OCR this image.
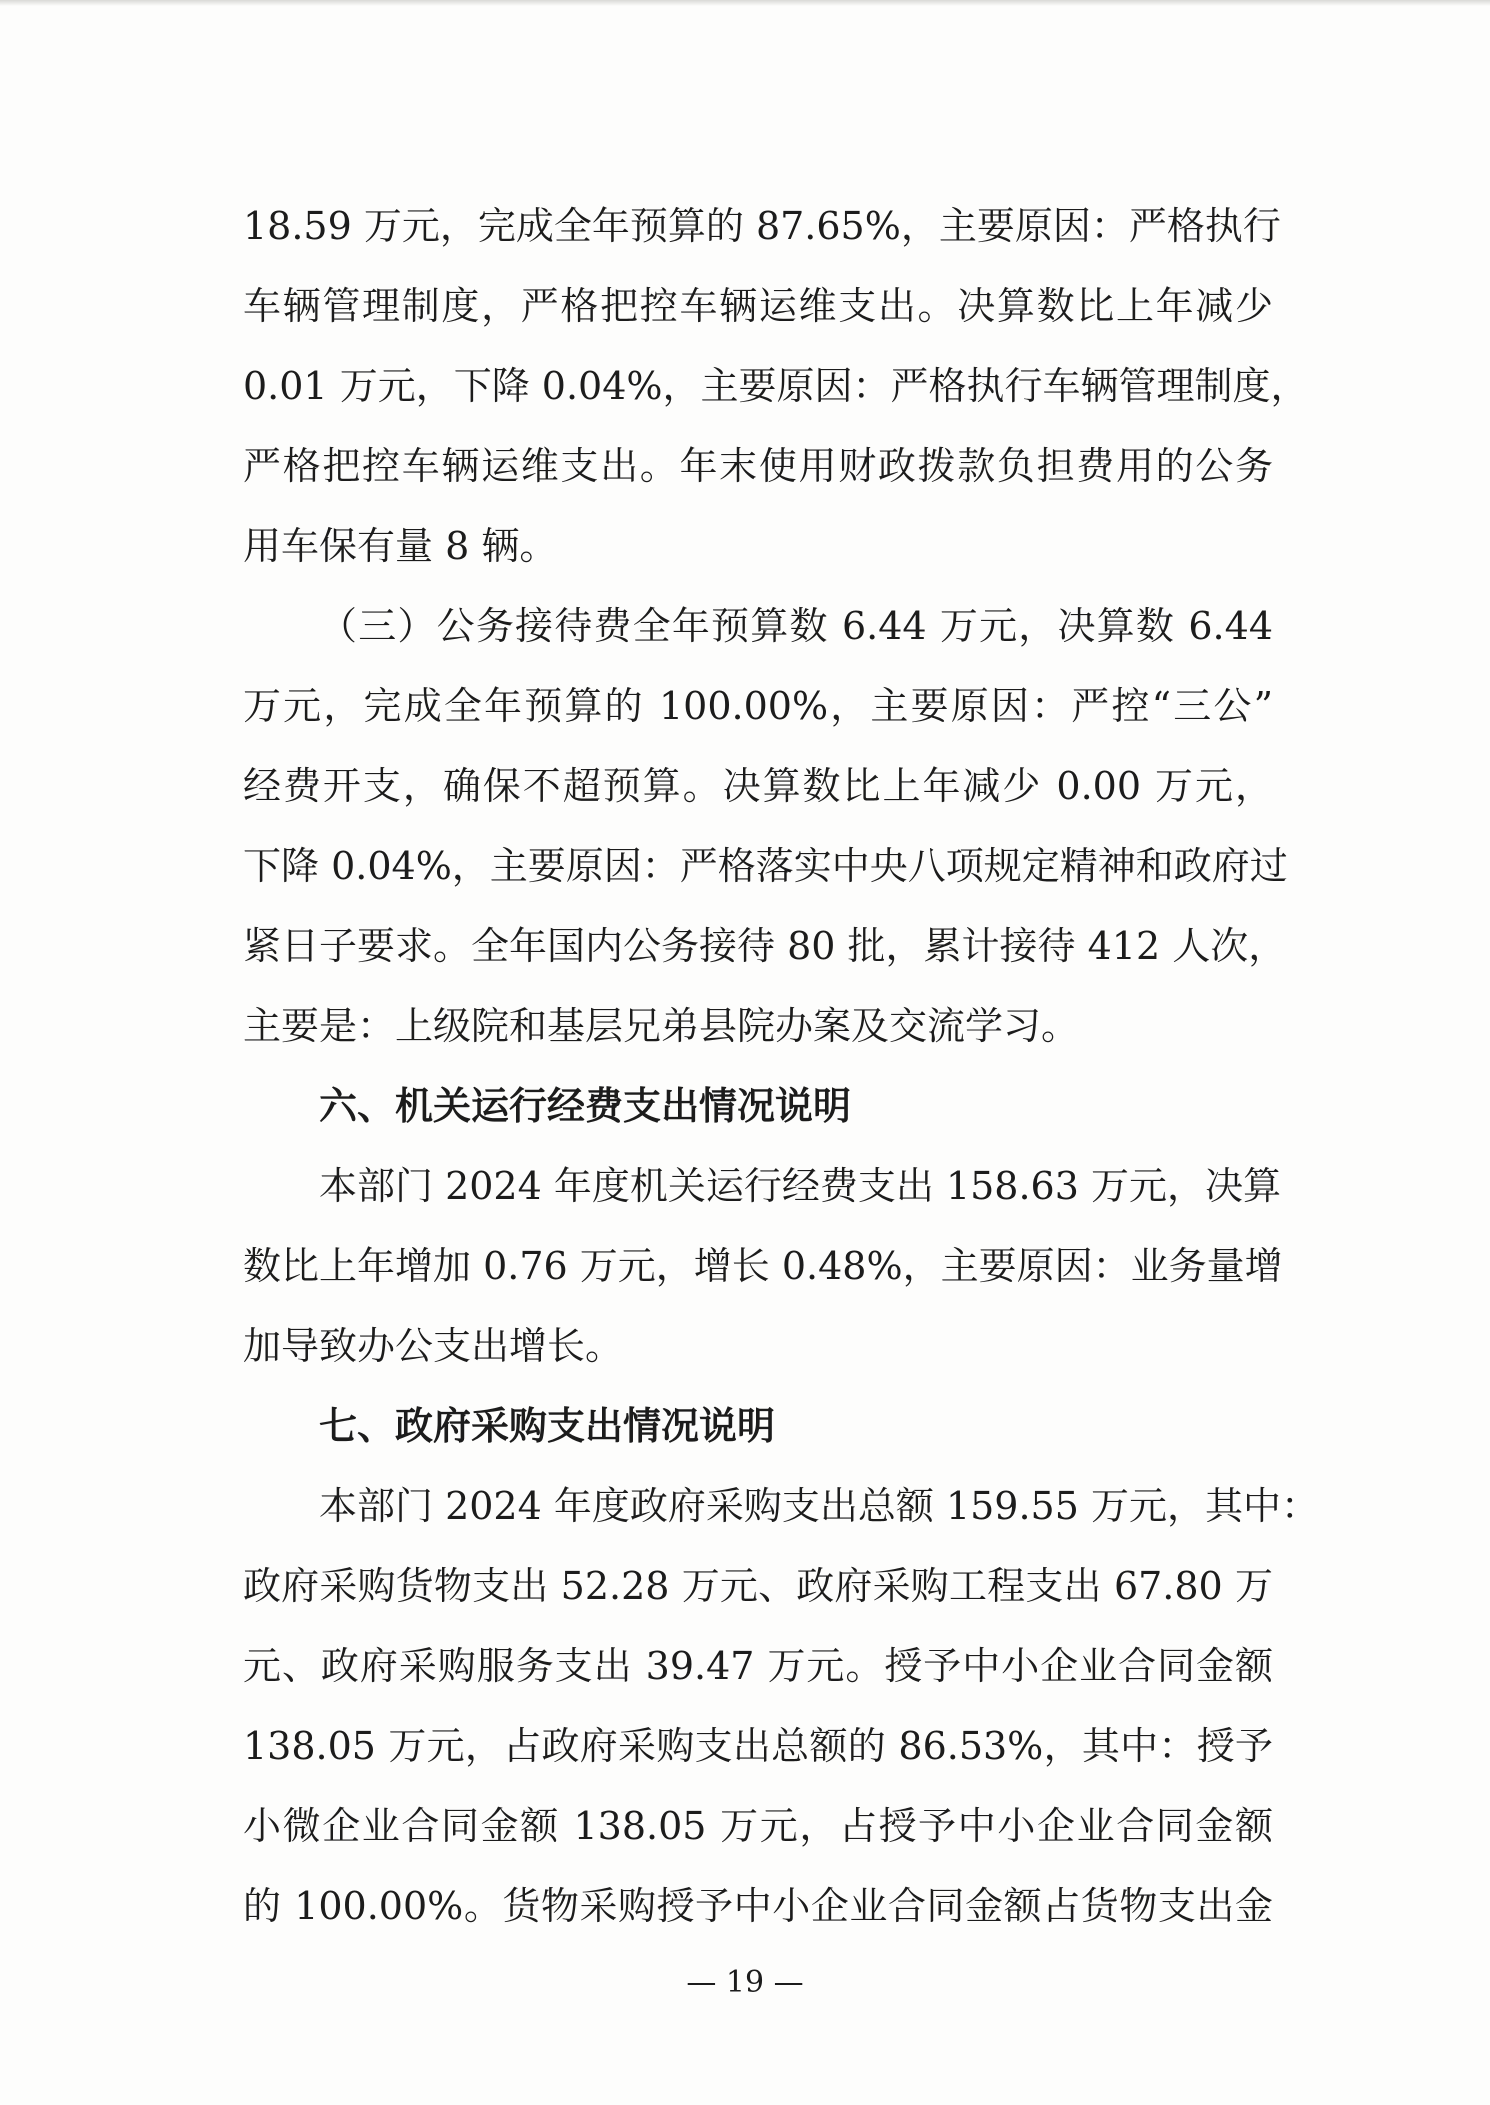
18.59 万元，完成全年预算的 87.65%，主要原因：严格执行
车辆管理制度，严格把控车辆运维支出。决算数比上年减少
0.01 万元，下降 0.04%，主要原因：严格执行车辆管理制度，
严格把控车辆运维支出。年末使用财政拨款负担费用的公务
用车保有量 8 辆。
（三）公务接待费全年预算数 6.44 万元，决算数 6.44
万元，完成全年预算的 100.00%，主要原因：严控“三公”
经费开支，确保不超预算。决算数比上年减少 0.00 万元，
下降 0.04%，主要原因：严格落实中央八项规定精神和政府过
紧日子要求。全年国内公务接待 80 批，累计接待 412 人次，
主要是：上级院和基层兄弟县院办案及交流学习。
六、机关运行经费支出情况说明
本部门 2024 年度机关运行经费支出 158.63 万元，决算
数比上年增加 0.76 万元，增长 0.48%，主要原因：业务量增
加导致办公支出增长。
七、政府采购支出情况说明
本部门 2024 年度政府采购支出总额 159.55 万元，其中：
政府采购货物支出 52.28 万元、政府采购工程支出 67.80 万
元、政府采购服务支出 39.47 万元。授予中小企业合同金额
138.05 万元，占政府采购支出总额的 86.53%，其中：授予
小微企业合同金额 138.05 万元，占授予中小企业合同金额
的 100.00%。货物采购授予中小企业合同金额占货物支出金
— 19 —
